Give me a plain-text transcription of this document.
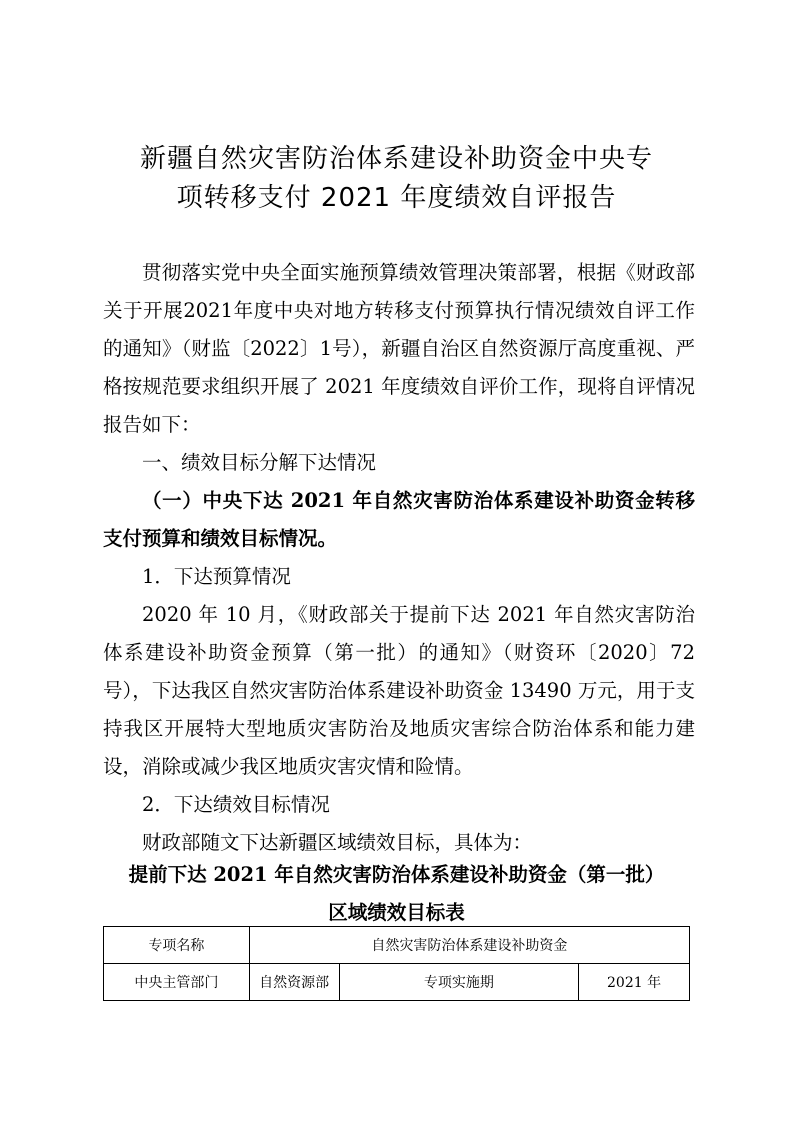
新疆自然灾害防治体系建设补助资金中央专
项转移支付 2021 年度绩效自评报告

贯彻落实党中央全面实施预算绩效管理决策部署，根据《财政部关于开展2021年度中央对地方转移支付预算执行情况绩效自评工作的通知》（财监〔2022〕1号），新疆自治区自然资源厅高度重视、严格按规范要求组织开展了 2021 年度绩效自评价工作，现将自评情况报告如下：

一、绩效目标分解下达情况

（一）中央下达 2021 年自然灾害防治体系建设补助资金转移支付预算和绩效目标情况。

1．下达预算情况

2020 年 10 月，《财政部关于提前下达 2021 年自然灾害防治体系建设补助资金预算（第一批）的通知》（财资环〔2020〕72号），下达我区自然灾害防治体系建设补助资金 13490 万元，用于支持我区开展特大型地质灾害防治及地质灾害综合防治体系和能力建设，消除或减少我区地质灾害灾情和险情。

2．下达绩效目标情况

财政部随文下达新疆区域绩效目标，具体为：

提前下达 2021 年自然灾害防治体系建设补助资金（第一批）
区域绩效目标表
专项名称	自然灾害防治体系建设补助资金		
中央主管部门	自然资源部	专项实施期	2021 年
